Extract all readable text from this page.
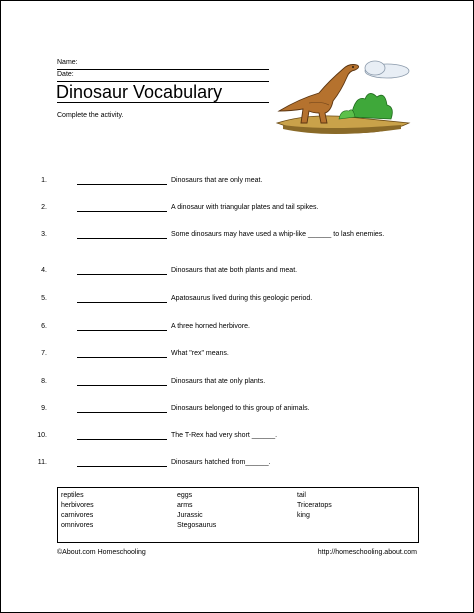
Name:
Date:
Dinosaur Vocabulary
Complete the activity.
1.	Dinosaurs that are only meat.
2.	A dinosaur with triangular plates and tail spikes.
3.	Some dinosaurs may have used a whip-like ______ to lash enemies.
4.	Dinosaurs that ate both plants and meat.
5.	Apatosaurus lived during this geologic period.
6.	A three horned herbivore.
7.	What "rex" means.
8.	Dinosaurs that ate only plants.
9.	Dinosaurs belonged to this group of animals.
10.	The T-Rex had very short ______.
11.	Dinosaurs hatched from______.
reptiles
herbivores
carnivores
omnivores
eggs
arms
Jurassic
Stegosaurus
tail
Triceratops
king
©About.com Homeschooling	http://homeschooling.about.com
